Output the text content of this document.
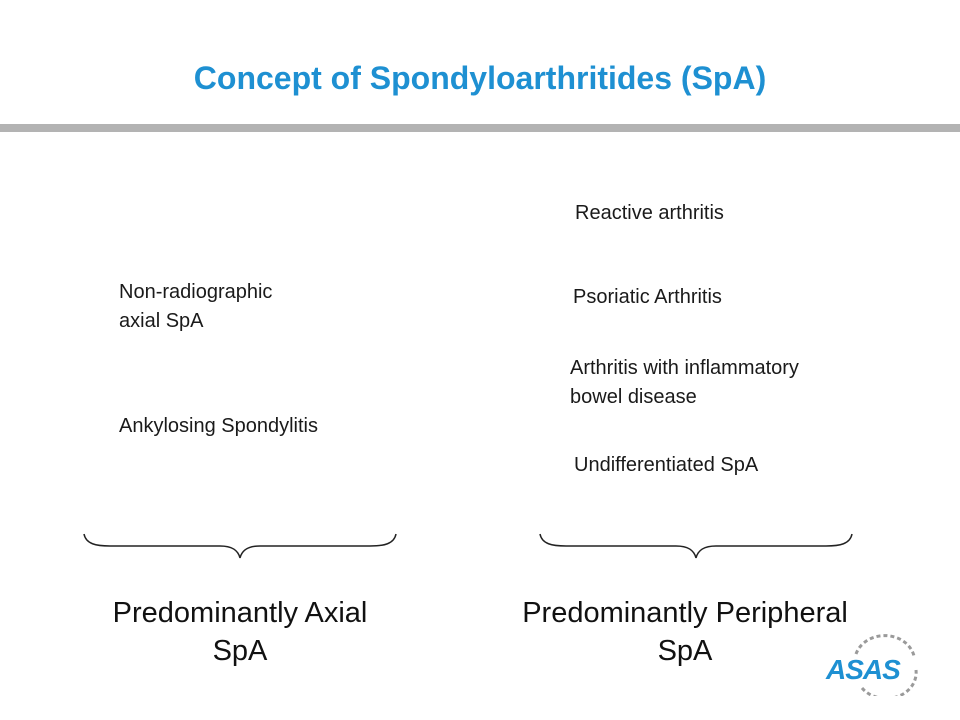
Concept of Spondyloarthritides (SpA)
Non-radiographic
axial SpA
Ankylosing Spondylitis
Reactive arthritis
Psoriatic Arthritis
Arthritis with inflammatory
bowel disease
Undifferentiated SpA
Predominantly Axial
SpA
Predominantly Peripheral
SpA
ASAS
